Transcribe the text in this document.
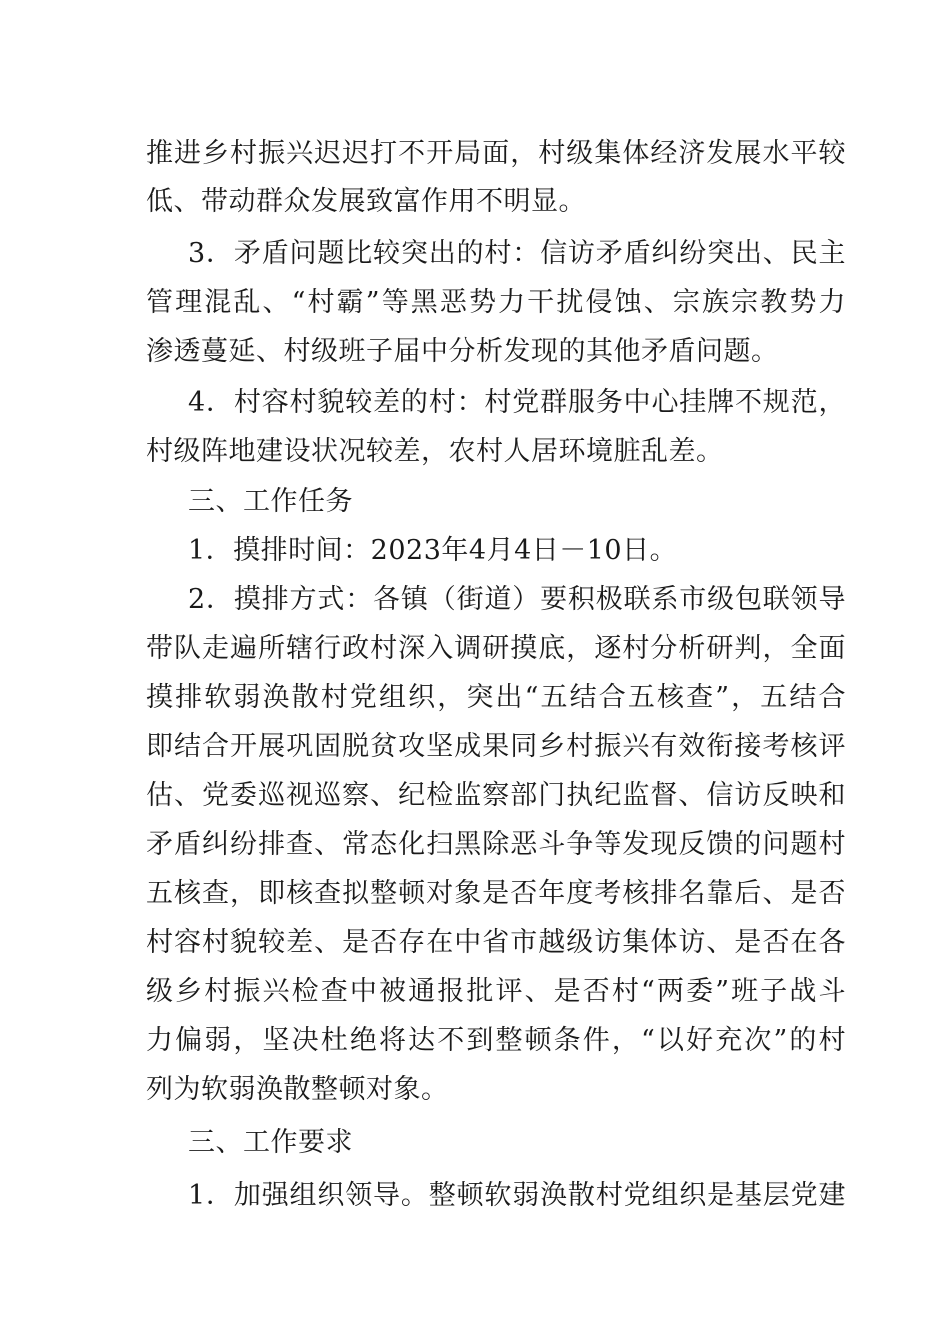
推进乡村振兴迟迟打不开局面，村级集体经济发展水平较
低、带动群众发展致富作用不明显。
3．矛盾问题比较突出的村：信访矛盾纠纷突出、民主
管理混乱、“村霸”等黑恶势力干扰侵蚀、宗族宗教势力
渗透蔓延、村级班子届中分析发现的其他矛盾问题。
4．村容村貌较差的村：村党群服务中心挂牌不规范，
村级阵地建设状况较差，农村人居环境脏乱差。
三、工作任务
1．摸排时间：2023年4月4日－10日。
2．摸排方式：各镇（街道）要积极联系市级包联领导
带队走遍所辖行政村深入调研摸底，逐村分析研判，全面
摸排软弱涣散村党组织，突出“五结合五核查”，五结合
即结合开展巩固脱贫攻坚成果同乡村振兴有效衔接考核评
估、党委巡视巡察、纪检监察部门执纪监督、信访反映和
矛盾纠纷排查、常态化扫黑除恶斗争等发现反馈的问题村
五核查，即核查拟整顿对象是否年度考核排名靠后、是否
村容村貌较差、是否存在中省市越级访集体访、是否在各
级乡村振兴检查中被通报批评、是否村“两委”班子战斗
力偏弱，坚决杜绝将达不到整顿条件，“以好充次”的村
列为软弱涣散整顿对象。
三、工作要求
1．加强组织领导。整顿软弱涣散村党组织是基层党建
